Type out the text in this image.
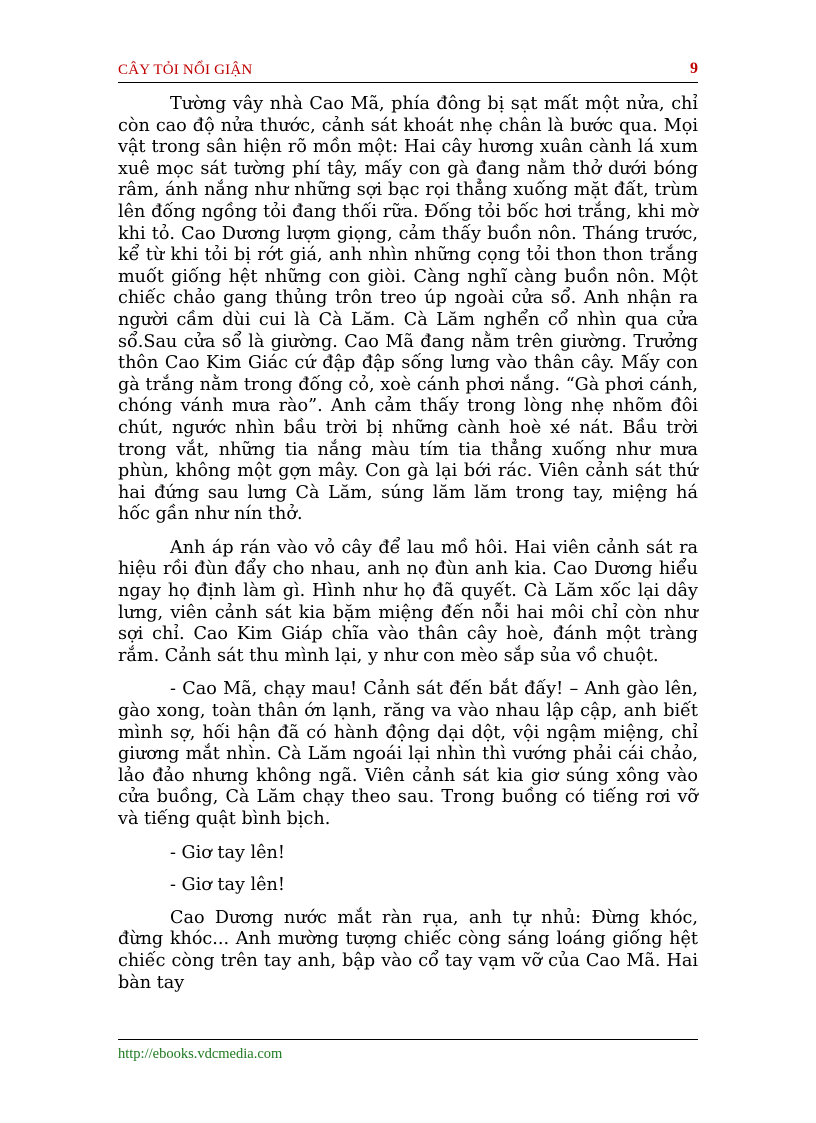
CÂY TỎI NỔI GIẬN	9

Tường vây nhà Cao Mã, phía đông bị sạt mất một nửa, chỉ còn cao độ nửa thước, cảnh sát khoát nhẹ chân là bước qua. Mọi vật trong sân hiện rõ mồn một: Hai cây hương xuân cành lá xum xuê mọc sát tường phí tây, mấy con gà đang nằm thở dưới bóng râm, ánh nắng như những sợi bạc rọi thẳng xuống mặt đất, trùm lên đống ngồng tỏi đang thối rữa. Đống tỏi bốc hơi trắng, khi mờ khi tỏ. Cao Dương lượm giọng, cảm thấy buồn nôn. Tháng trước, kể từ khi tỏi bị rớt giá, anh nhìn những cọng tỏi thon thon trắng muốt giống hệt những con giòi. Càng nghĩ càng buồn nôn. Một chiếc chảo gang thủng trôn treo úp ngoài cửa sổ. Anh nhận ra người cầm dùi cui là Cà Lăm. Cà Lăm nghển cổ nhìn qua cửa sổ.Sau cửa sổ là giường. Cao Mã đang nằm trên giường. Trưởng thôn Cao Kim Giác cứ đập đập sống lưng vào thân cây. Mấy con gà trắng nằm trong đống cỏ, xoè cánh phơi nắng. “Gà phơi cánh, chóng vánh mưa rào”. Anh cảm thấy trong lòng nhẹ nhõm đôi chút, ngước nhìn bầu trời bị những cành hoè xé nát. Bầu trời trong vắt, những tia nắng màu tím tia thẳng xuống như mưa phùn, không một gợn mây. Con gà lại bới rác. Viên cảnh sát thứ hai đứng sau lưng Cà Lăm, súng lăm lăm trong tay, miệng há hốc gần như nín thở.

Anh áp rán vào vỏ cây để lau mồ hôi. Hai viên cảnh sát ra hiệu rồi đùn đẩy cho nhau, anh nọ đùn anh kia. Cao Dương hiểu ngay họ định làm gì. Hình như họ đã quyết. Cà Lăm xốc lại dây lưng, viên cảnh sát kia bặm miệng đến nỗi hai môi chỉ còn như sợi chỉ. Cao Kim Giáp chĩa vào thân cây hoè, đánh một tràng rắm. Cảnh sát thu mình lại, y như con mèo sắp sủa vồ chuột.

- Cao Mã, chạy mau! Cảnh sát đến bắt đấy! – Anh gào lên, gào xong, toàn thân ớn lạnh, răng va vào nhau lập cập, anh biết mình sợ, hối hận đã có hành động dại dột, vội ngậm miệng, chỉ giương mắt nhìn. Cà Lăm ngoái lại nhìn thì vướng phải cái chảo, lảo đảo nhưng không ngã. Viên cảnh sát kia giơ súng xông vào cửa buồng, Cà Lăm chạy theo sau. Trong buồng có tiếng rơi vỡ và tiếng quật bình bịch.

- Giơ tay lên!

- Giơ tay lên!

Cao Dương nước mắt ràn rụa, anh tự nhủ: Đừng khóc, đừng khóc... Anh mường tượng chiếc còng sáng loáng giống hệt chiếc còng trên tay anh, bập vào cổ tay vạm vỡ của Cao Mã. Hai bàn tay

http://ebooks.vdcmedia.com
